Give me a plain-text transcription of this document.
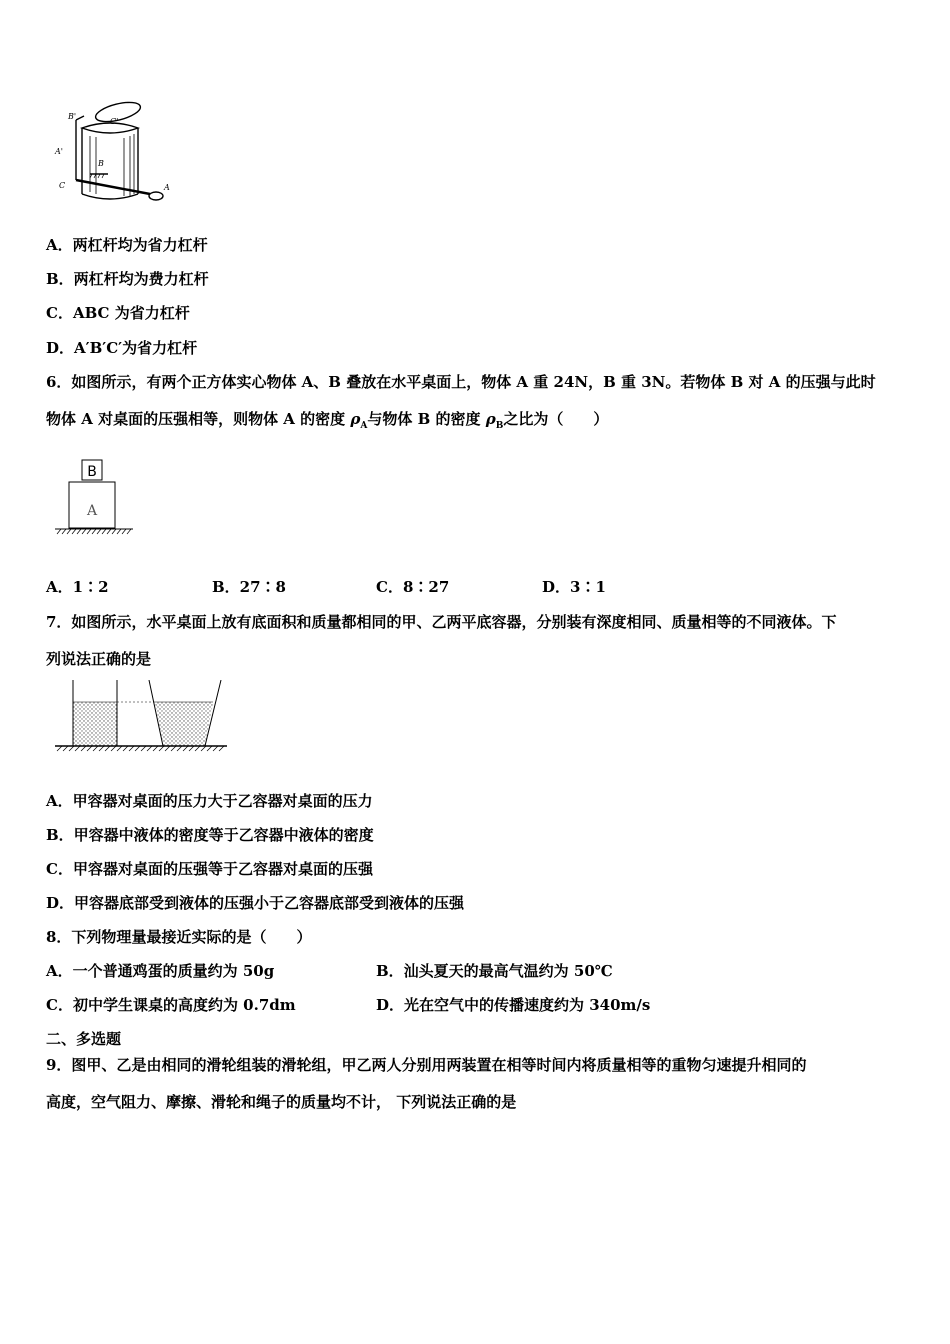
B'
C'
A'
B
C	A
A．两杠杆均为省力杠杆
B．两杠杆均为费力杠杆
C．ABC 为省力杠杆
D．A′B′C′为省力杠杆
6．如图所示，有两个正方体实心物体 A、B 叠放在水平桌面上，物体 A 重 24N，B 重 3N。若物体 B 对 A 的压强与此时
物体 A 对桌面的压强相等，则物体 A 的密度 $\rho_A$与物体 B 的密度 $\rho_B$之比为（　　）
B
A
A．1∶2	B．27∶8	C．8∶27	D．3∶1
7．如图所示，水平桌面上放有底面积和质量都相同的甲、乙两平底容器，分别装有深度相同、质量相等的不同液体。下
列说法正确的是
A．甲容器对桌面的压力大于乙容器对桌面的压力
B．甲容器中液体的密度等于乙容器中液体的密度
C．甲容器对桌面的压强等于乙容器对桌面的压强
D．甲容器底部受到液体的压强小于乙容器底部受到液体的压强
8．下列物理量最接近实际的是（　　）
A．一个普通鸡蛋的质量约为 50g	B．汕头夏天的最高气温约为 50℃
C．初中学生课桌的高度约为 0.7dm	D．光在空气中的传播速度约为 340m/s
二、多选题
9．图甲、乙是由相同的滑轮组装的滑轮组，甲乙两人分别用两装置在相等时间内将质量相等的重物匀速提升相同的
高度，空气阻力、摩擦、滑轮和绳子的质量均不计， 下列说法正确的是
